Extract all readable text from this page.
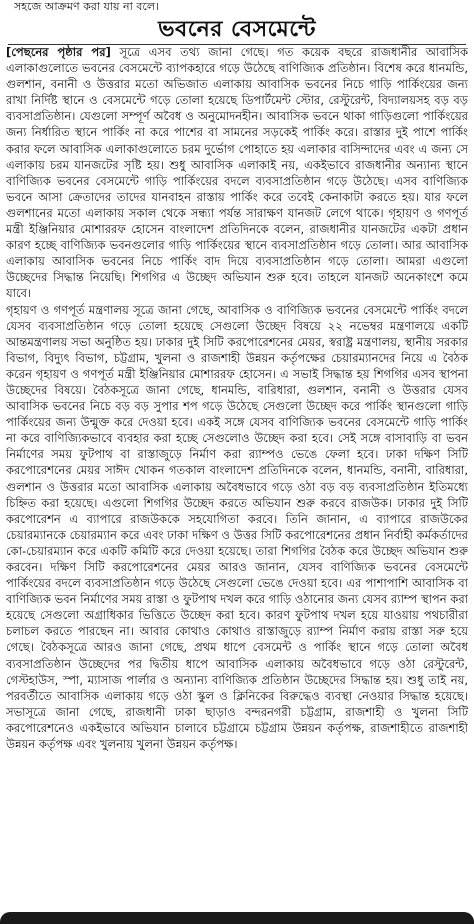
সহজে আক্রমণ করা যায় না বলে।
ভবনের বেসমেন্টে

[পেছনের পৃষ্ঠার পর] সূত্রে এসব তথ্য জানা গেছে। গত কয়েক বছরে রাজধানীর আবাসিক এলাকাগুলোতে ভবনের বেসমেন্টে ব্যাপকহারে গড়ে উঠেছে বাণিজ্যিক প্রতিষ্ঠান। বিশেষ করে ধানমন্ডি, গুলশান, বনানী ও উত্তরার মতো অভিজাত এলাকায় আবাসিক ভবনের নিচে গাড়ি পার্কিংয়ের জন্য রাখা নির্দিষ্ট স্থানে ও বেসমেন্টে গড়ে তোলা হয়েছে ডিপার্টমেন্ট স্টোর, রেস্টুরেন্ট, বিদ্যালয়সহ বড় বড় ব্যবসাপ্রতিষ্ঠান। যেগুলো সম্পূর্ণ অবৈধ ও অনুমোদনহীন। আবাসিক ভবনে থাকা গাড়িগুলো পার্কিংয়ের জন্য নির্ধারিত স্থানে পার্কিং না করে পাশের বা সামনের সড়কেই পার্কিং করে। রাস্তার দুই পাশে পার্কিং করার ফলে আবাসিক এলাকাগুলোতে চরম দুর্ভোগ পোহাতে হয় এলাকার বাসিন্দাদের এবং এ জন্য সে এলাকায় চরম যানজটের সৃষ্টি হয়। শুধু আবাসিক এলাকাই নয়, একইভাবে রাজধানীর অন্যান্য স্থানে বাণিজ্যিক ভবনের বেসমেন্টে গাড়ি পার্কিংয়ের বদলে ব্যবসাপ্রতিষ্ঠান গড়ে উঠেছে। এসব বাণিজ্যিক ভবনে আসা ক্রেতাদের তাদের যানবাহন রাস্তায় পার্কিং করে তবেই কেনাকাটা করতে হয়। যার ফলে গুলশানের মতো এলাকায় সকাল থেকে সন্ধ্যা পর্যন্ত সারাক্ষণ যানজট লেগে থাকে। গৃহায়ণ ও গণপূর্ত মন্ত্রী ইঞ্জিনিয়ার মোশাররফ হোসেন বাংলাদেশ প্রতিদিনকে বলেন, রাজধানীর যানজটের একটা প্রধান কারণ হচ্ছে বাণিজ্যিক ভবনগুলোর গাড়ি পার্কিংয়ের স্থানে ব্যবসাপ্রতিষ্ঠান গড়ে তোলা। আর আবাসিক এলাকায় আবাসিক ভবনের নিচে পার্কিং বাদ দিয়ে ব্যবসাপ্রতিষ্ঠান গড়ে তোলা। আমরা এগুলো উচ্ছেদের সিদ্ধান্ত নিয়েছি। শিগগির এ উচ্ছেদ অভিযান শুরু হবে। তাহলে যানজট অনেকাংশে কমে যাবে।

গৃহায়ণ ও গণপূর্ত মন্ত্রণালয় সূত্রে জানা গেছে, আবাসিক ও বাণিজ্যিক ভবনের বেসমেন্টে পার্কিং বদলে যেসব ব্যবসাপ্রতিষ্ঠান গড়ে তোলা হয়েছে সেগুলো উচ্ছেদ বিষয়ে ২২ নভেম্বর মন্ত্রণালয়ে একটি আন্তমন্ত্রণালয় সভা অনুষ্ঠিত হয়। ঢাকার দুই সিটি করপোরেশনের মেয়র, স্বরাষ্ট্র মন্ত্রণালয়, স্থানীয় সরকার বিভাগ, বিদ্যুৎ বিভাগ, চট্টগ্রাম, খুলনা ও রাজশাহী উন্নয়ন কর্তৃপক্ষের চেয়ারম্যানদের নিয়ে এ বৈঠক করেন গৃহায়ণ ও গণপূর্ত মন্ত্রী ইঞ্জিনিয়ার মোশাররফ হোসেন। এ সভাই সিদ্ধান্ত হয় শিগগির এসব স্থাপনা উচ্ছেদের বিষয়ে। বৈঠকসূত্রে জানা গেছে, ধানমন্ডি, বারিধারা, গুলশান, বনানী ও উত্তরার যেসব আবাসিক ভবনের নিচে বড় বড় সুপার শপ গড়ে উঠেছে সেগুলো উচ্ছেদ করে পার্কিং স্থানগুলো গাড়ি পার্কিংয়ের জন্য উন্মুক্ত করে দেওয়া হবে। একই সঙ্গে যেসব বাণিজ্যিক ভবনের বেসমেন্টে গাড়ি পার্কিং না করে বাণিজ্যিকভাবে ব্যবহার করা হচ্ছে সেগুলোও উচ্ছেদ করা হবে। সেই সঙ্গে বাসাবাড়ি বা ভবন নির্মাণের সময় ফুটপাথ বা রাস্তাজুড়ে নির্মাণ করা র‌্যাম্পও ভেঙে ফেলা হবে। ঢাকা দক্ষিণ সিটি করপোরেশনের মেয়র সাঈদ খোকন গতকাল বাংলাদেশ প্রতিদিনকে বলেন, ধানমন্ডি, বনানী, বারিধারা, গুলশান ও উত্তরার মতো আবাসিক এলাকায় অবৈধভাবে গড়ে ওঠা বড় বড় ব্যবসাপ্রতিষ্ঠান ইতিমধ্যে চিহ্নিত করা হয়েছে। এগুলো শিগগির উচ্ছেদ করতে অভিযান শুরু করবে রাজউক। ঢাকার দুই সিটি করপোরেশন এ ব্যাপারে রাজউককে সহযোগিতা করবে। তিনি জানান, এ ব্যাপারে রাজউকের চেয়ারম্যানকে চেয়ারম্যান করে এবং ঢাকা দক্ষিণ ও উত্তর সিটি করপোরেশনের প্রধান নির্বাহী কর্মকর্তাদের কো-চেয়ারম্যান করে একটি কমিটি করে দেওয়া হয়েছে। তারা শিগগির বৈঠক করে উচ্ছেদ অভিযান শুরু করবেন। দক্ষিণ সিটি করপোরেশনের মেয়র আরও জানান, যেসব বাণিজ্যিক ভবনের বেসমেন্টে পার্কিংয়ের বদলে ব্যবসাপ্রতিষ্ঠান গড়ে উঠেছে সেগুলো ভেঙে দেওয়া হবে। এর পাশাপাশি আবাসিক বা বাণিজ্যিক ভবন নির্মাণের সময় রাস্তা ও ফুটপাথ দখল করে গাড়ি ওঠানোর জন্য যেসব র‌্যাম্প স্থাপন করা হয়েছে সেগুলো অগ্রাধিকার ভিত্তিতে উচ্ছেদ করা হবে। কারণ ফুটপাথ দখল হয়ে যাওয়ায় পথচারীরা চলাচল করতে পারছেন না। আবার কোথাও কোথাও রাস্তাজুড়ে র‌্যাম্প নির্মাণ করায় রাস্তা সরু হয়ে গেছে। বৈঠকসূত্রে আরও জানা গেছে, প্রথম ধাপে বেসমেন্ট ও পার্কিং স্থানে গড়ে তোলা অবৈধ ব্যবসাপ্রতিষ্ঠান উচ্ছেদের পর দ্বিতীয় ধাপে আবাসিক এলাকায় অবৈধভাবে গড়ে ওঠা রেস্টুরেন্ট, গেস্টহাউস, স্পা, ম্যাসাজ পার্লার ও অন্যান্য বাণিজ্যিক প্রতিষ্ঠান উচ্ছেদের সিদ্ধান্ত হয়। শুধু তাই নয়, পরবর্তীতে আবাসিক এলাকায় গড়ে ওঠা স্কুল ও ক্লিনিকের বিরুদ্ধেও ব্যবস্থা নেওয়ার সিদ্ধান্ত হয়েছে। সভাসূত্রে জানা গেছে, রাজধানী ঢাকা ছাড়াও বন্দরনগরী চট্টগ্রাম, রাজশাহী ও খুলনা সিটি করপোরেশনেও একইভাবে অভিযান চালাবে চট্টগ্রামে চট্টগ্রাম উন্নয়ন কর্তৃপক্ষ, রাজশাহীতে রাজশাহী উন্নয়ন কর্তৃপক্ষ এবং খুলনায় খুলনা উন্নয়ন কর্তৃপক্ষ।
